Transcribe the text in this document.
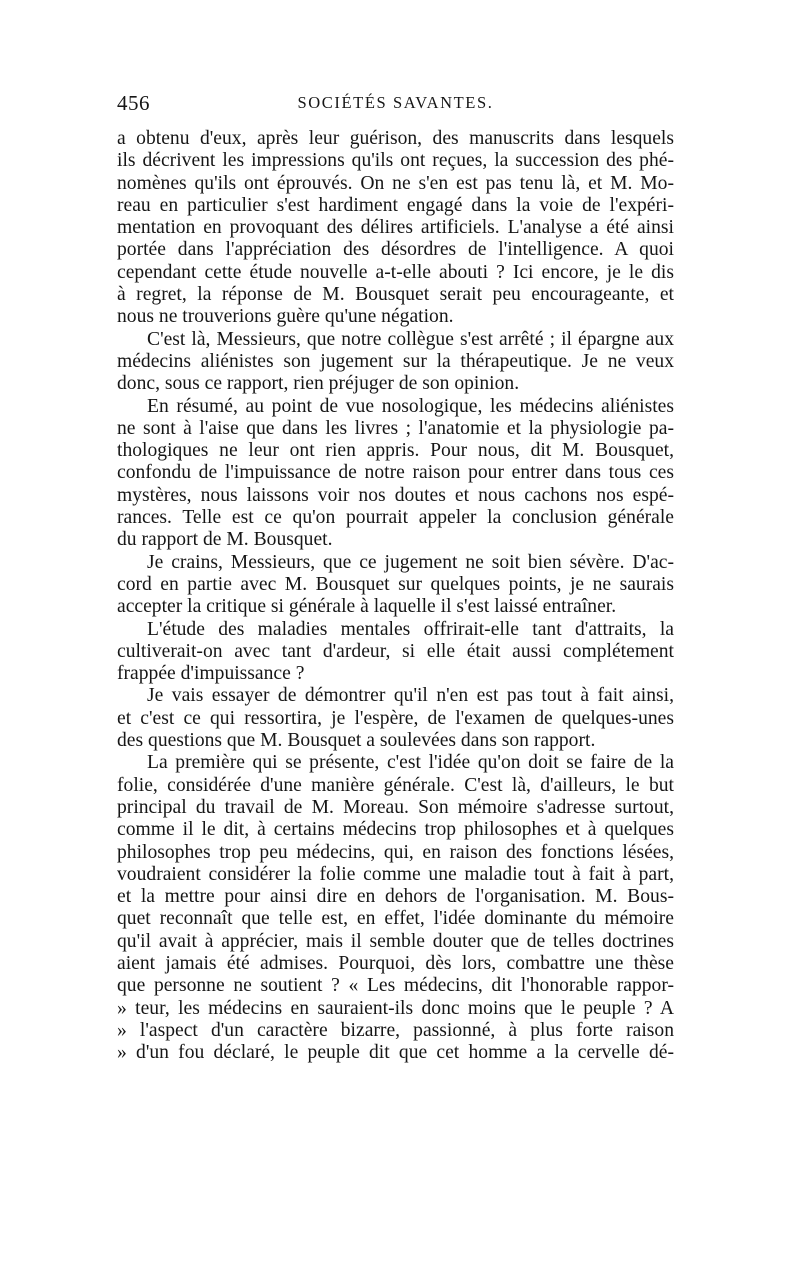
456	SOCIÉTÉS SAVANTES.
a obtenu d'eux, après leur guérison, des manuscrits dans lesquels
ils décrivent les impressions qu'ils ont reçues, la succession des phé-
nomènes qu'ils ont éprouvés. On ne s'en est pas tenu là, et M. Mo-
reau en particulier s'est hardiment engagé dans la voie de l'expéri-
mentation en provoquant des délires artificiels. L'analyse a été ainsi
portée dans l'appréciation des désordres de l'intelligence. A quoi
cependant cette étude nouvelle a-t-elle abouti ? Ici encore, je le dis
à regret, la réponse de M. Bousquet serait peu encourageante, et
nous ne trouverions guère qu'une négation.
C'est là, Messieurs, que notre collègue s'est arrêté ; il épargne aux
médecins aliénistes son jugement sur la thérapeutique. Je ne veux
donc, sous ce rapport, rien préjuger de son opinion.
En résumé, au point de vue nosologique, les médecins aliénistes
ne sont à l'aise que dans les livres ; l'anatomie et la physiologie pa-
thologiques ne leur ont rien appris. Pour nous, dit M. Bousquet,
confondu de l'impuissance de notre raison pour entrer dans tous ces
mystères, nous laissons voir nos doutes et nous cachons nos espé-
rances. Telle est ce qu'on pourrait appeler la conclusion générale
du rapport de M. Bousquet.
Je crains, Messieurs, que ce jugement ne soit bien sévère. D'ac-
cord en partie avec M. Bousquet sur quelques points, je ne saurais
accepter la critique si générale à laquelle il s'est laissé entraîner.
L'étude des maladies mentales offrirait-elle tant d'attraits, la
cultiverait-on avec tant d'ardeur, si elle était aussi complétement
frappée d'impuissance ?
Je vais essayer de démontrer qu'il n'en est pas tout à fait ainsi,
et c'est ce qui ressortira, je l'espère, de l'examen de quelques-unes
des questions que M. Bousquet a soulevées dans son rapport.
La première qui se présente, c'est l'idée qu'on doit se faire de la
folie, considérée d'une manière générale. C'est là, d'ailleurs, le but
principal du travail de M. Moreau. Son mémoire s'adresse surtout,
comme il le dit, à certains médecins trop philosophes et à quelques
philosophes trop peu médecins, qui, en raison des fonctions lésées,
voudraient considérer la folie comme une maladie tout à fait à part,
et la mettre pour ainsi dire en dehors de l'organisation. M. Bous-
quet reconnaît que telle est, en effet, l'idée dominante du mémoire
qu'il avait à apprécier, mais il semble douter que de telles doctrines
aient jamais été admises. Pourquoi, dès lors, combattre une thèse
que personne ne soutient ? « Les médecins, dit l'honorable rappor-
» teur, les médecins en sauraient-ils donc moins que le peuple ? A
» l'aspect d'un caractère bizarre, passionné, à plus forte raison
» d'un fou déclaré, le peuple dit que cet homme a la cervelle dé-
